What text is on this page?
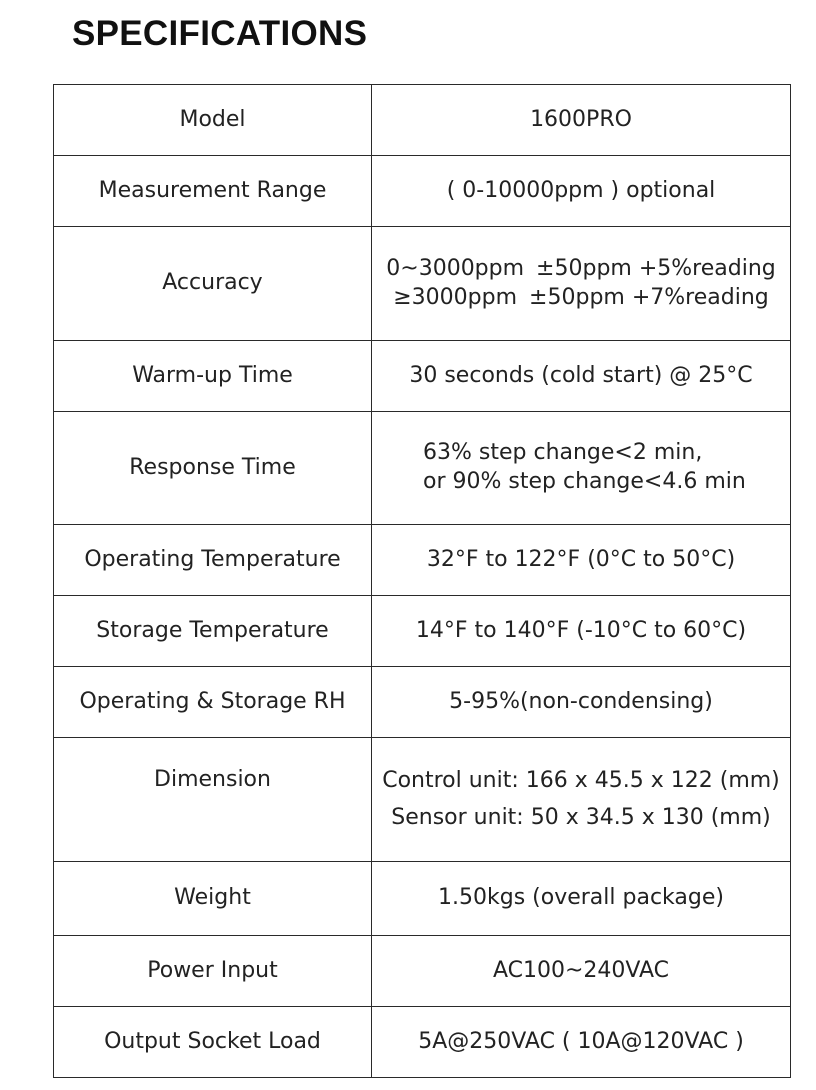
SPECIFICATIONS
Model	1600PRO
Measurement Range	( 0-10000ppm ) optional
Accuracy	0~3000ppm ±50ppm +5%reading
≥3000ppm ±50ppm +7%reading

Warm-up Time	30 seconds (cold start) @ 25°C
Response Time	63% step change<2 min,
or 90% step change<4.6 min

Operating Temperature	32°F to 122°F (0°C to 50°C)
Storage Temperature	14°F to 140°F (-10°C to 60°C)
Operating & Storage RH	5-95%(non-condensing)

Dimension	Control unit: 166 x 45.5 x 122 (mm)
Sensor unit: 50 x 34.5 x 130 (mm)

Weight	1.50kgs (overall package)
Power Input	AC100~240VAC
Output Socket Load	5A@250VAC ( 10A@120VAC )
